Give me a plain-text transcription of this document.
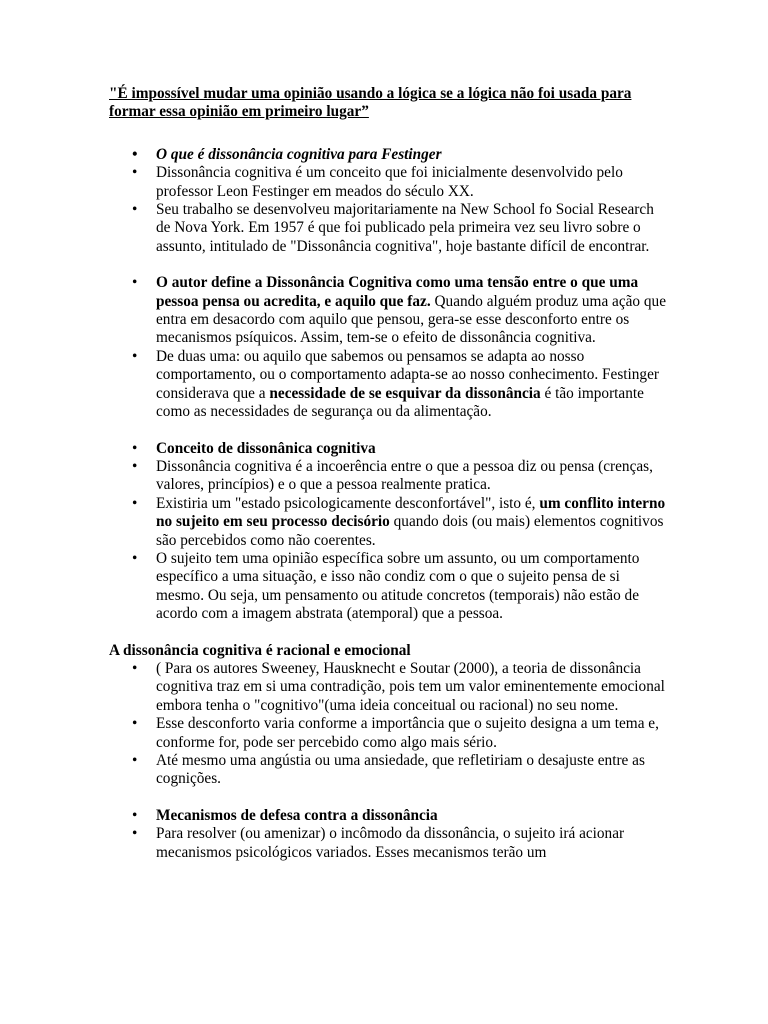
"É impossível mudar uma opinião usando a lógica se a lógica não foi usada para formar essa opinião em primeiro lugar”

• O que é dissonância cognitiva para Festinger
• Dissonância cognitiva é um conceito que foi inicialmente desenvolvido pelo professor Leon Festinger em meados do século XX.
• Seu trabalho se desenvolveu majoritariamente na New School fo Social Research de Nova York. Em 1957 é que foi publicado pela primeira vez seu livro sobre o assunto, intitulado de "Dissonância cognitiva", hoje bastante difícil de encontrar.
• O autor define a Dissonância Cognitiva como uma tensão entre o que uma pessoa pensa ou acredita, e aquilo que faz. Quando alguém produz uma ação que entra em desacordo com aquilo que pensou, gera-se esse desconforto entre os mecanismos psíquicos. Assim, tem-se o efeito de dissonância cognitiva.
• De duas uma: ou aquilo que sabemos ou pensamos se adapta ao nosso comportamento, ou o comportamento adapta-se ao nosso conhecimento. Festinger considerava que a necessidade de se esquivar da dissonância é tão importante como as necessidades de segurança ou da alimentação.
• Conceito de dissonânica cognitiva
• Dissonância cognitiva é a incoerência entre o que a pessoa diz ou pensa (crenças, valores, princípios) e o que a pessoa realmente pratica.
• Existiria um "estado psicologicamente desconfortável", isto é, um conflito interno no sujeito em seu processo decisório quando dois (ou mais) elementos cognitivos são percebidos como não coerentes.
• O sujeito tem uma opinião específica sobre um assunto, ou um comportamento específico a uma situação, e isso não condiz com o que o sujeito pensa de si mesmo. Ou seja, um pensamento ou atitude concretos (temporais) não estão de acordo com a imagem abstrata (atemporal) que a pessoa.

A dissonância cognitiva é racional e emocional

• ( Para os autores Sweeney, Hausknecht e Soutar (2000), a teoria de dissonância cognitiva traz em si uma contradição, pois tem um valor eminentemente emocional embora tenha o "cognitivo"(uma ideia conceitual ou racional) no seu nome.
• Esse desconforto varia conforme a importância que o sujeito designa a um tema e, conforme for, pode ser percebido como algo mais sério.
• Até mesmo uma angústia ou uma ansiedade, que refletiriam o desajuste entre as cognições.
• Mecanismos de defesa contra a dissonância
• Para resolver (ou amenizar) o incômodo da dissonância, o sujeito irá acionar mecanismos psicológicos variados. Esses mecanismos terão um
